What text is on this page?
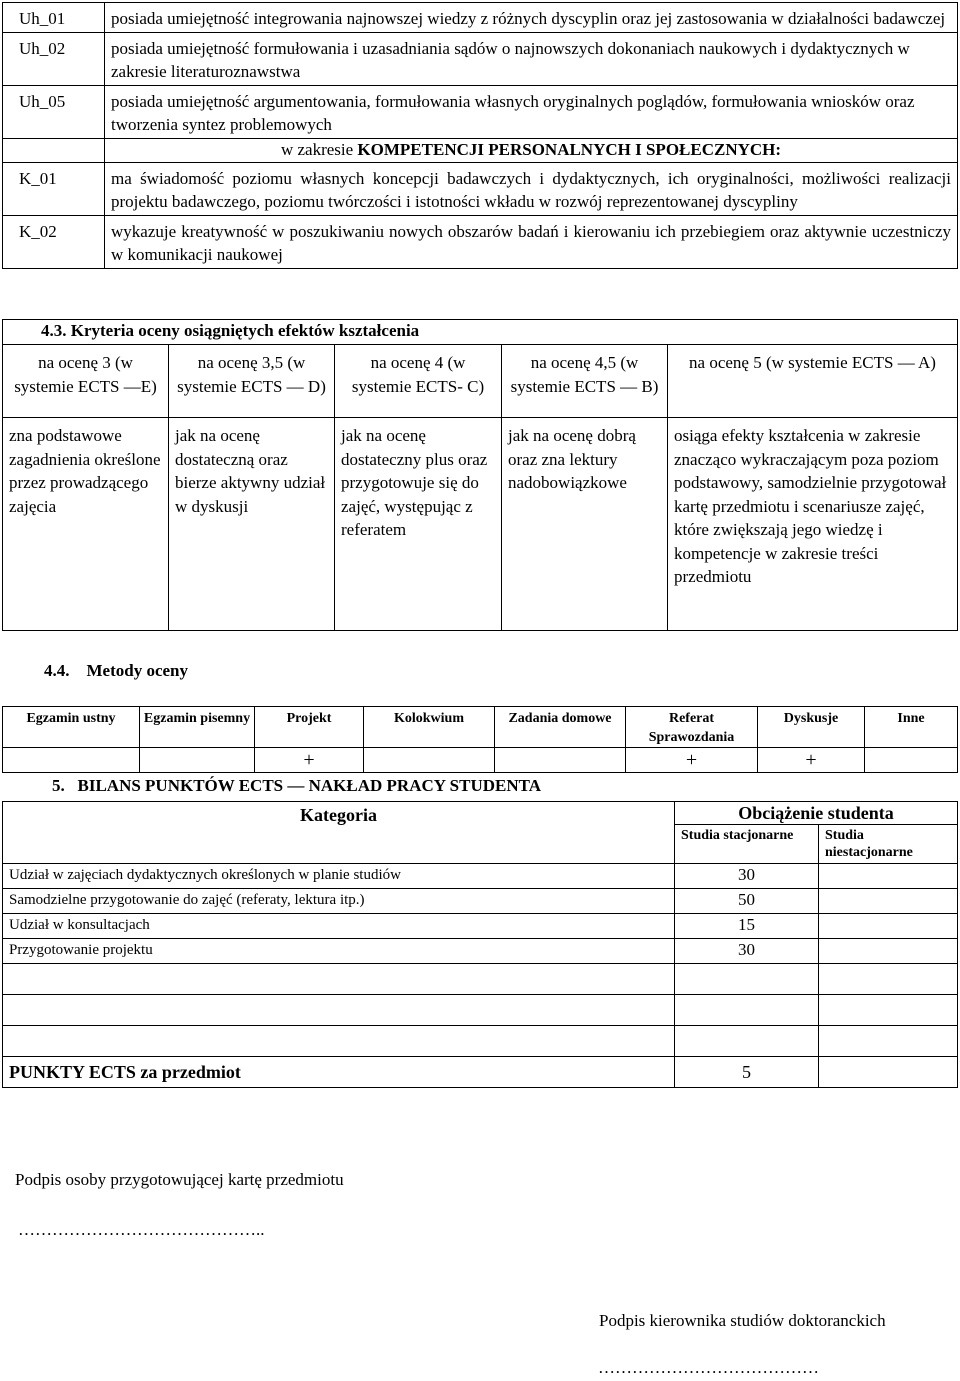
Uh_01	posiada umiejętność integrowania najnowszej wiedzy z różnych dyscyplin oraz jej zastosowania w działalności badawczej
Uh_02	posiada umiejętność formułowania i uzasadniania sądów o najnowszych dokonaniach naukowych i dydaktycznych w zakresie literaturoznawstwa
Uh_05	posiada umiejętność argumentowania, formułowania własnych oryginalnych poglądów, formułowania wniosków oraz tworzenia syntez problemowych
	w zakresie KOMPETENCJI PERSONALNYCH I SPOŁECZNYCH:
K_01	ma świadomość poziomu własnych koncepcji badawczych i dydaktycznych, ich oryginalności, możliwości realizacji projektu badawczego, poziomu twórczości i istotności wkładu w rozwój reprezentowanej dyscypliny
K_02	wykazuje kreatywność w poszukiwaniu nowych obszarów badań i kierowaniu ich przebiegiem oraz aktywnie uczestniczy w komunikacji naukowej
4.3. Kryteria oceny osiągniętych efektów kształcenia				
na ocenę 3 (w systemie ECTS —E)	na ocenę 3,5 (w systemie ECTS — D)	na ocenę 4 (w systemie ECTS- C)	na ocenę 4,5 (w systemie ECTS — B)	na ocenę 5 (w systemie ECTS — A)
zna podstawowe zagadnienia określone przez prowadzącego zajęcia	jak na ocenę dostateczną oraz bierze aktywny udział w dyskusji	jak na ocenę dostateczny plus oraz przygotowuje się do zajęć, występując z referatem	jak na ocenę dobrą oraz zna lektury nadobowiązkowe	osiąga efekty kształcenia w zakresie znacząco wykraczającym poza poziom podstawowy, samodzielnie przygotował kartę przedmiotu i scenariusze zajęć, które zwiększają jego wiedzę i kompetencje w zakresie treści przedmiotu
4.4. Metody oceny
Egzamin ustny	Egzamin pisemny	Projekt	Kolokwium	Zadania domowe	Referat Sprawozdania	Dyskusje	Inne
		+			+	+	
5. BILANS PUNKTÓW ECTS — NAKŁAD PRACY STUDENTA
Kategoria	Obciążenie studenta	
	Studia stacjonarne	Studia niestacjonarne
Udział w zajęciach dydaktycznych określonych w planie studiów	30	
Samodzielne przygotowanie do zajęć (referaty, lektura itp.)	50	
Udział w konsultacjach	15	
Przygotowanie projektu	30	

PUNKTY ECTS za przedmiot	5	
Podpis osoby przygotowującej kartę przedmiotu
……………………………………..
Podpis kierownika studiów doktoranckich
…………………………………
